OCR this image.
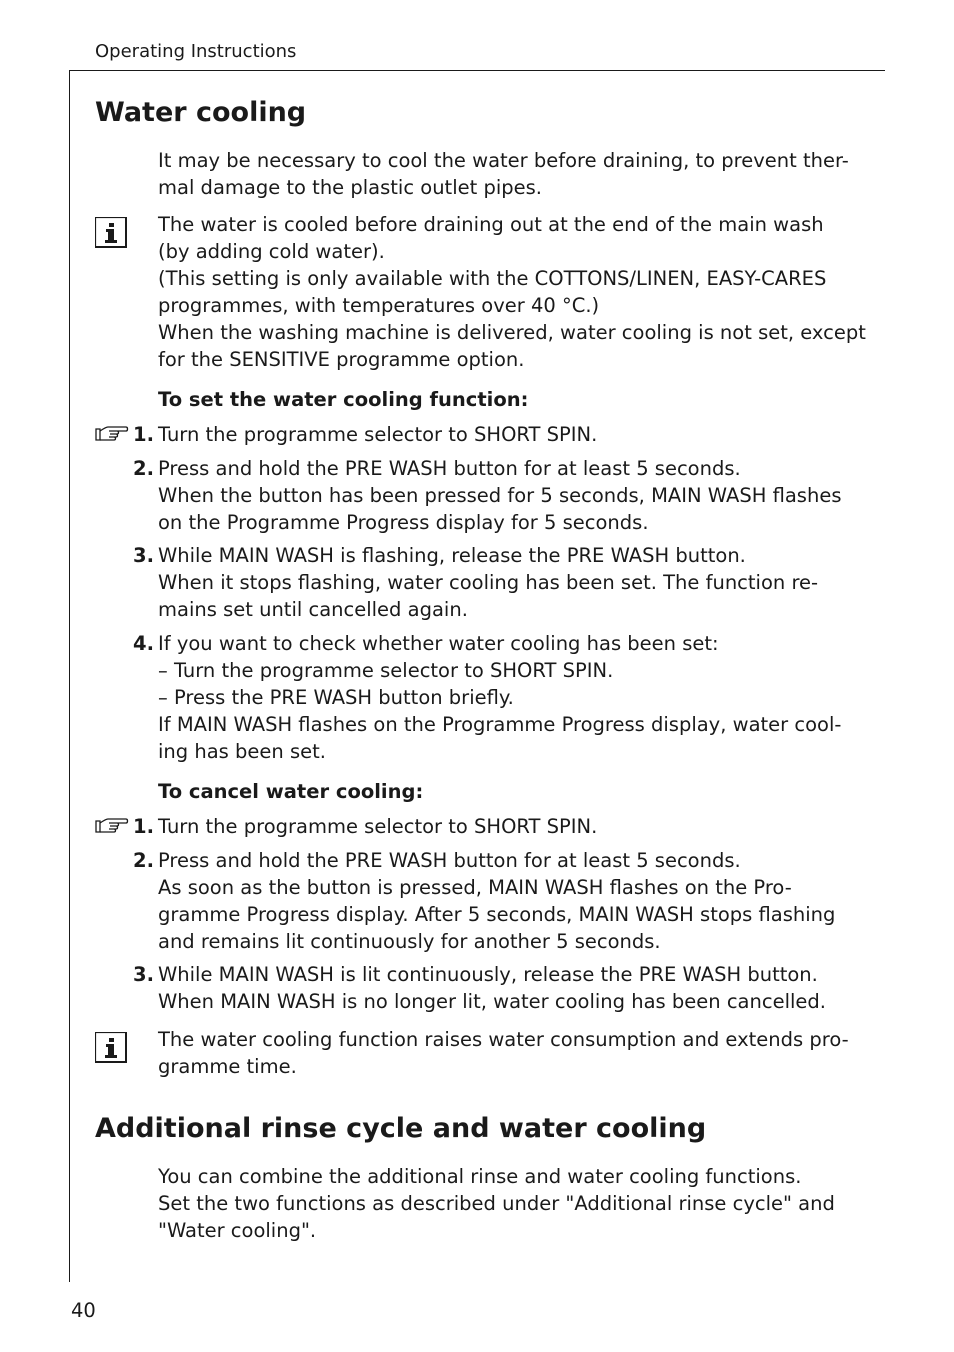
Operating Instructions
Water cooling
It may be necessary to cool the water before draining, to prevent ther-
mal damage to the plastic outlet pipes.
The water is cooled before draining out at the end of the main wash
(by adding cold water).
(This setting is only available with the COTTONS/LINEN, EASY-CARES
programmes, with temperatures over 40 °C.)
When the washing machine is delivered, water cooling is not set, except
for the SENSITIVE programme option.
To set the water cooling function:
1. Turn the programme selector to SHORT SPIN.
2. Press and hold the PRE WASH button for at least 5 seconds.
When the button has been pressed for 5 seconds, MAIN WASH flashes
on the Programme Progress display for 5 seconds.
3. While MAIN WASH is flashing, release the PRE WASH button.
When it stops flashing, water cooling has been set. The function re-
mains set until cancelled again.
4. If you want to check whether water cooling has been set:
– Turn the programme selector to SHORT SPIN.
– Press the PRE WASH button briefly.
If MAIN WASH flashes on the Programme Progress display, water cool-
ing has been set.
To cancel water cooling:
1. Turn the programme selector to SHORT SPIN.
2. Press and hold the PRE WASH button for at least 5 seconds.
As soon as the button is pressed, MAIN WASH flashes on the Pro-
gramme Progress display. After 5 seconds, MAIN WASH stops flashing
and remains lit continuously for another 5 seconds.
3. While MAIN WASH is lit continuously, release the PRE WASH button.
When MAIN WASH is no longer lit, water cooling has been cancelled.
The water cooling function raises water consumption and extends pro-
gramme time.
Additional rinse cycle and water cooling
You can combine the additional rinse and water cooling functions.
Set the two functions as described under "Additional rinse cycle" and
"Water cooling".
40
